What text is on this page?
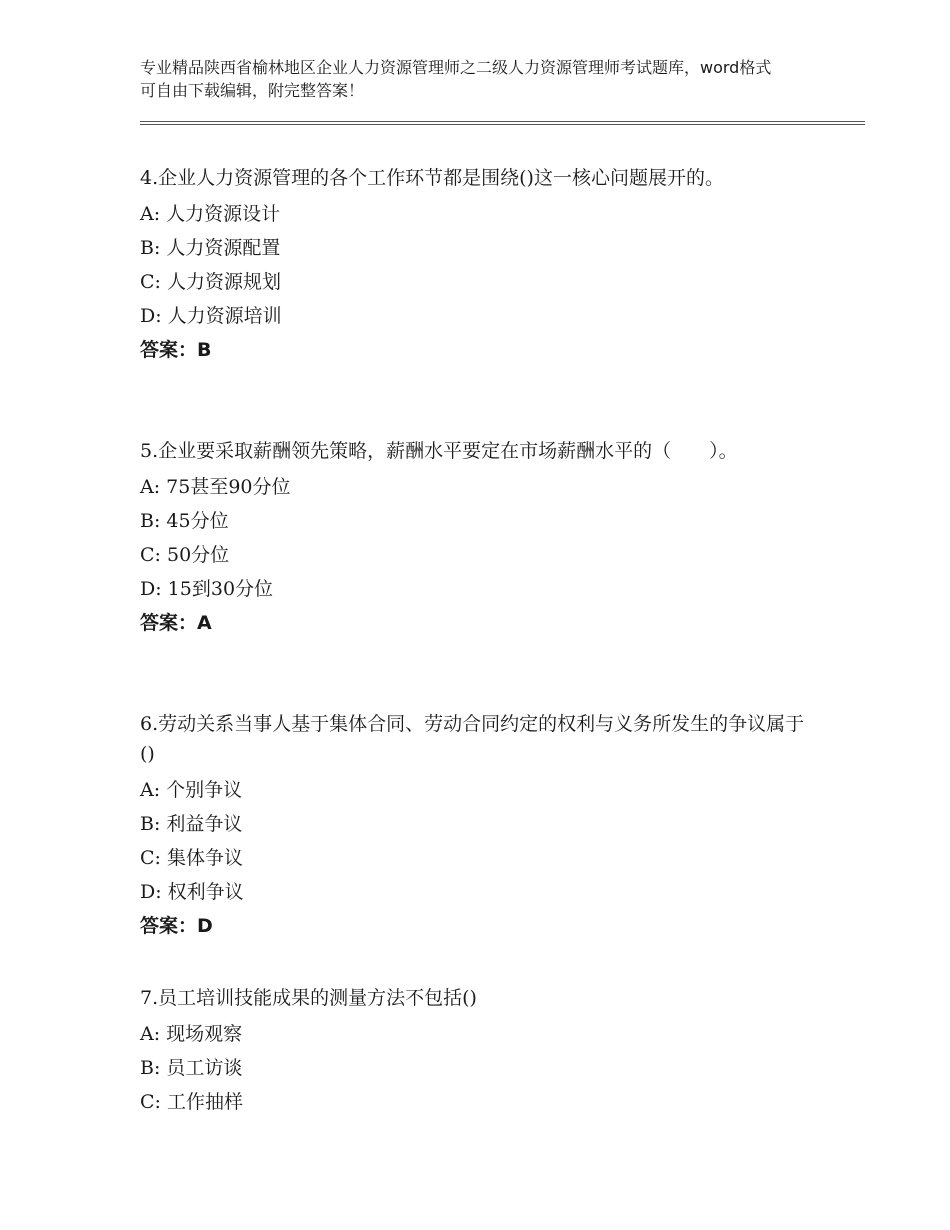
专业精品陕西省榆林地区企业人力资源管理师之二级人力资源管理师考试题库，word格式可自由下载编辑，附完整答案！
4.企业人力资源管理的各个工作环节都是围绕()这一核心问题展开的。
A: 人力资源设计
B: 人力资源配置
C: 人力资源规划
D: 人力资源培训
答案：B
5.企业要采取薪酬领先策略，薪酬水平要定在市场薪酬水平的（　　）。
A: 75甚至90分位
B: 45分位
C: 50分位
D: 15到30分位
答案：A
6.劳动关系当事人基于集体合同、劳动合同约定的权利与义务所发生的争议属于()
A: 个别争议
B: 利益争议
C: 集体争议
D: 权利争议
答案：D
7.员工培训技能成果的测量方法不包括()
A: 现场观察
B: 员工访谈
C: 工作抽样
